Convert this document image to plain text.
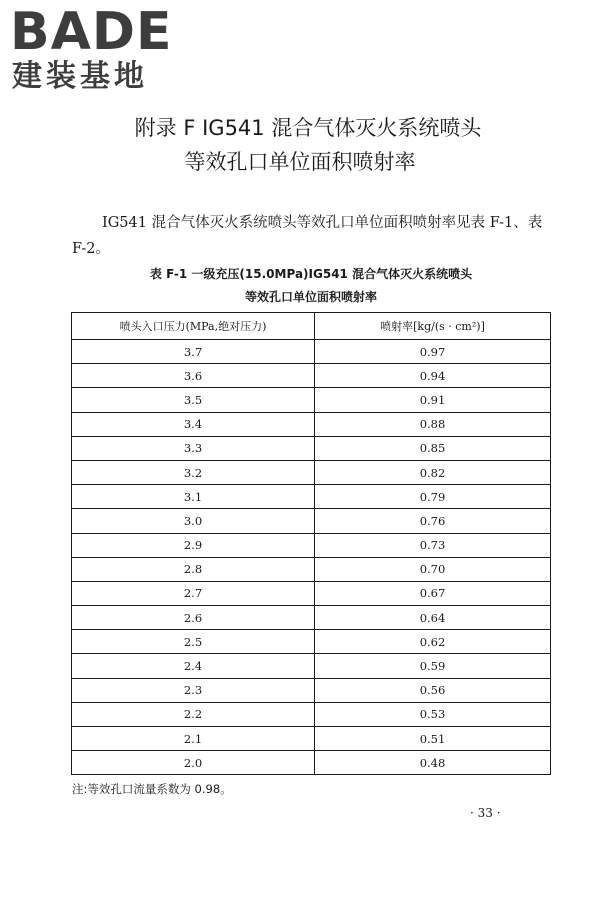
BADE
建装基地
附录 F IG541 混合气体灭火系统喷头
等效孔口单位面积喷射率
IG541 混合气体灭火系统喷头等效孔口单位面积喷射率见表 F-1、表 F-2。
表 F-1 一级充压(15.0MPa)IG541 混合气体灭火系统喷头
等效孔口单位面积喷射率
喷头入口压力(MPa,绝对压力)	喷射率[kg/(s · cm²)]
3.7	0.97
3.6	0.94
3.5	0.91
3.4	0.88
3.3	0.85
3.2	0.82
3.1	0.79
3.0	0.76
2.9	0.73
2.8	0.70
2.7	0.67
2.6	0.64
2.5	0.62
2.4	0.59
2.3	0.56
2.2	0.53
2.1	0.51
2.0	0.48
注:等效孔口流量系数为 0.98。
· 33 ·
